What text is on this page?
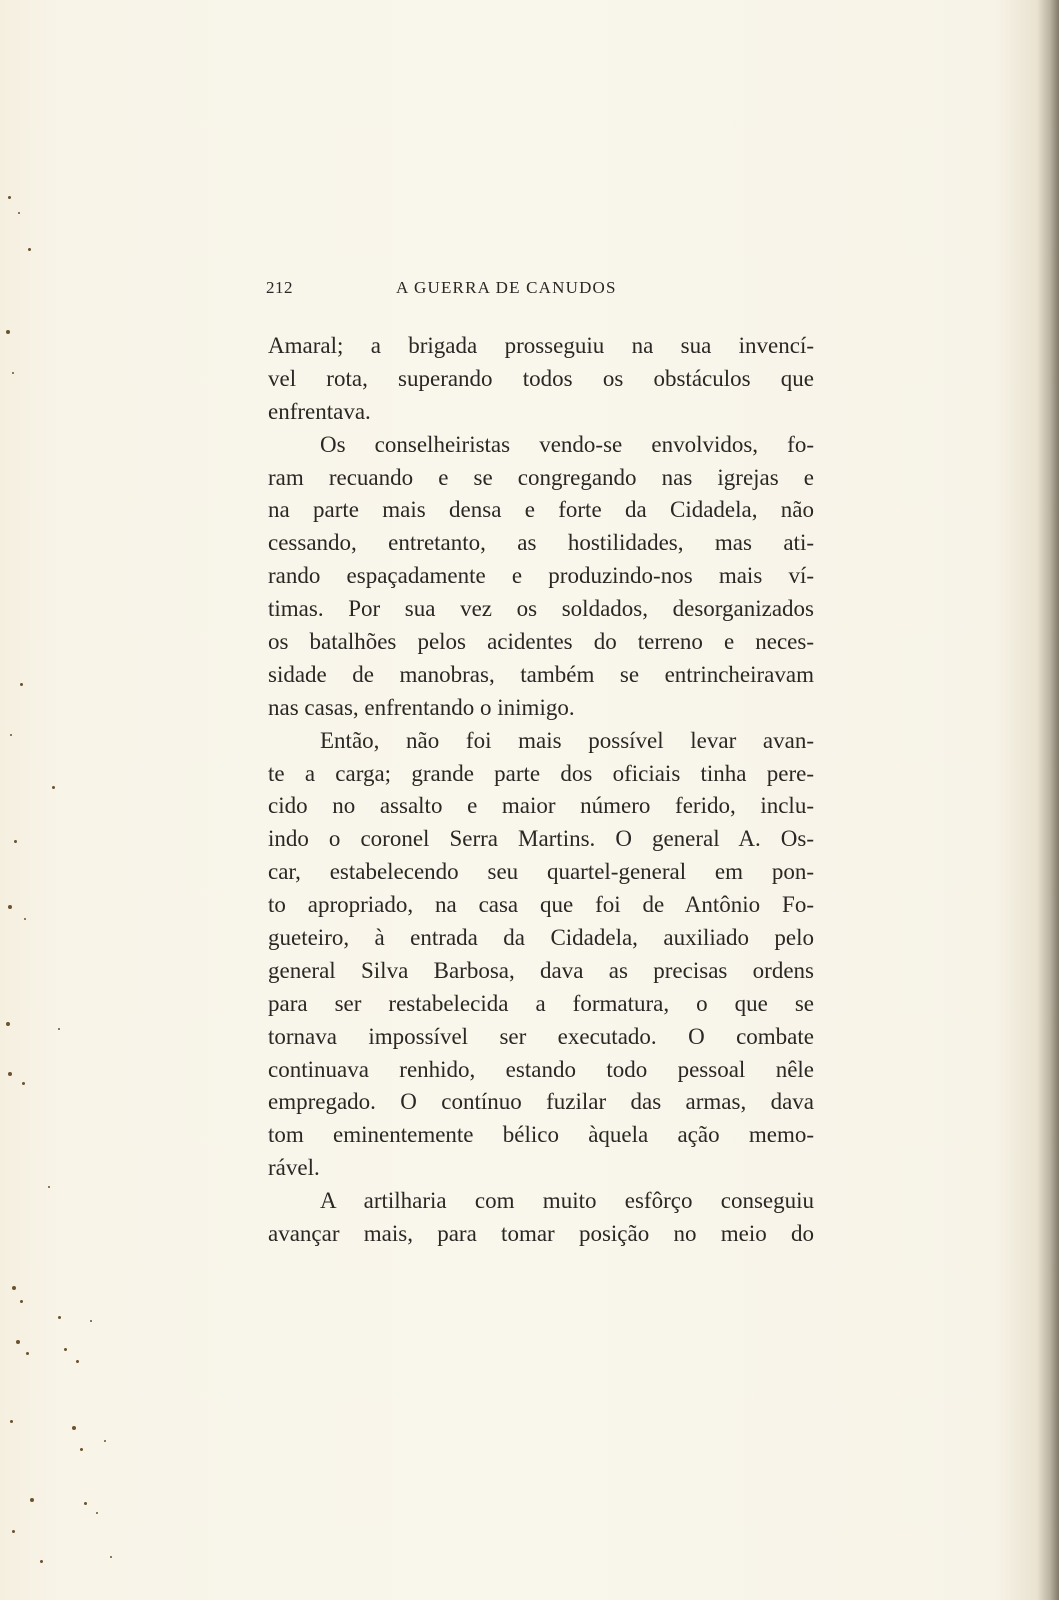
212	A GUERRA DE CANUDOS
Amaral; a brigada prosseguiu na sua invencí-
vel rota, superando todos os obstáculos que
enfrentava.
Os conselheiristas vendo-se envolvidos, fo-
ram recuando e se congregando nas igrejas e
na parte mais densa e forte da Cidadela, não
cessando, entretanto, as hostilidades, mas ati-
rando espaçadamente e produzindo-nos mais ví-
timas. Por sua vez os soldados, desorganizados
os batalhões pelos acidentes do terreno e neces-
sidade de manobras, também se entrincheiravam
nas casas, enfrentando o inimigo.
Então, não foi mais possível levar avan-
te a carga; grande parte dos oficiais tinha pere-
cido no assalto e maior número ferido, inclu-
indo o coronel Serra Martins. O general A. Os-
car, estabelecendo seu quartel-general em pon-
to apropriado, na casa que foi de Antônio Fo-
gueteiro, à entrada da Cidadela, auxiliado pelo
general Silva Barbosa, dava as precisas ordens
para ser restabelecida a formatura, o que se
tornava impossível ser executado. O combate
continuava renhido, estando todo pessoal nêle
empregado. O contínuo fuzilar das armas, dava
tom eminentemente bélico àquela ação memo-
rável.
A artilharia com muito esfôrço conseguiu
avançar mais, para tomar posição no meio do
